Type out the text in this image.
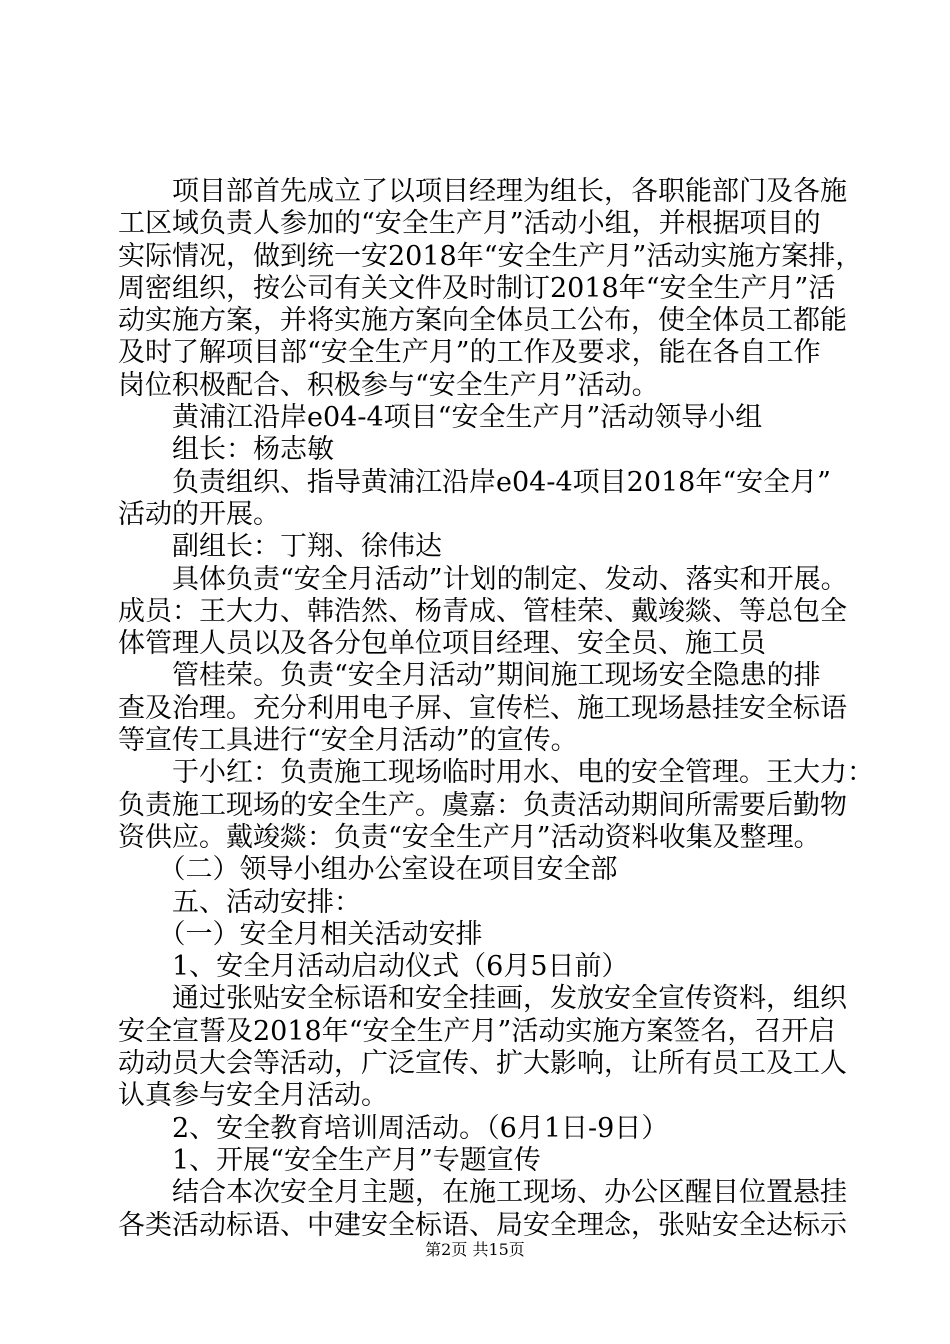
　　项目部首先成立了以项目经理为组长，各职能部门及各施
工区域负责人参加的“安全生产月”活动小组，并根据项目的
实际情况，做到统一安2018年“安全生产月”活动实施方案排，
周密组织，按公司有关文件及时制订2018年“安全生产月”活
动实施方案，并将实施方案向全体员工公布，使全体员工都能
及时了解项目部“安全生产月”的工作及要求，能在各自工作
岗位积极配合、积极参与“安全生产月”活动。
　　黄浦江沿岸e04-4项目“安全生产月”活动领导小组
　　组长：杨志敏
　　负责组织、指导黄浦江沿岸e04-4项目2018年“安全月”
活动的开展。
　　副组长：丁翔、徐伟达
　　具体负责“安全月活动”计划的制定、发动、落实和开展。
成员：王大力、韩浩然、杨青成、管桂荣、戴竣燚、等总包全
体管理人员以及各分包单位项目经理、安全员、施工员
　　管桂荣。负责“安全月活动”期间施工现场安全隐患的排
查及治理。充分利用电子屏、宣传栏、施工现场悬挂安全标语
等宣传工具进行“安全月活动”的宣传。
　　于小红：负责施工现场临时用水、电的安全管理。王大力：
负责施工现场的安全生产。虞嘉：负责活动期间所需要后勤物
资供应。戴竣燚：负责“安全生产月”活动资料收集及整理。
　　（二）领导小组办公室设在项目安全部
　　五、活动安排：
　　（一）安全月相关活动安排
　　1、安全月活动启动仪式（6月5日前）
　　通过张贴安全标语和安全挂画，发放安全宣传资料，组织
安全宣誓及2018年“安全生产月”活动实施方案签名，召开启
动动员大会等活动，广泛宣传、扩大影响，让所有员工及工人
认真参与安全月活动。
　　2、安全教育培训周活动。（6月1日-9日）
　　1、开展“安全生产月”专题宣传
　　结合本次安全月主题，在施工现场、办公区醒目位置悬挂
各类活动标语、中建安全标语、局安全理念，张贴安全达标示
第2页 共15页
